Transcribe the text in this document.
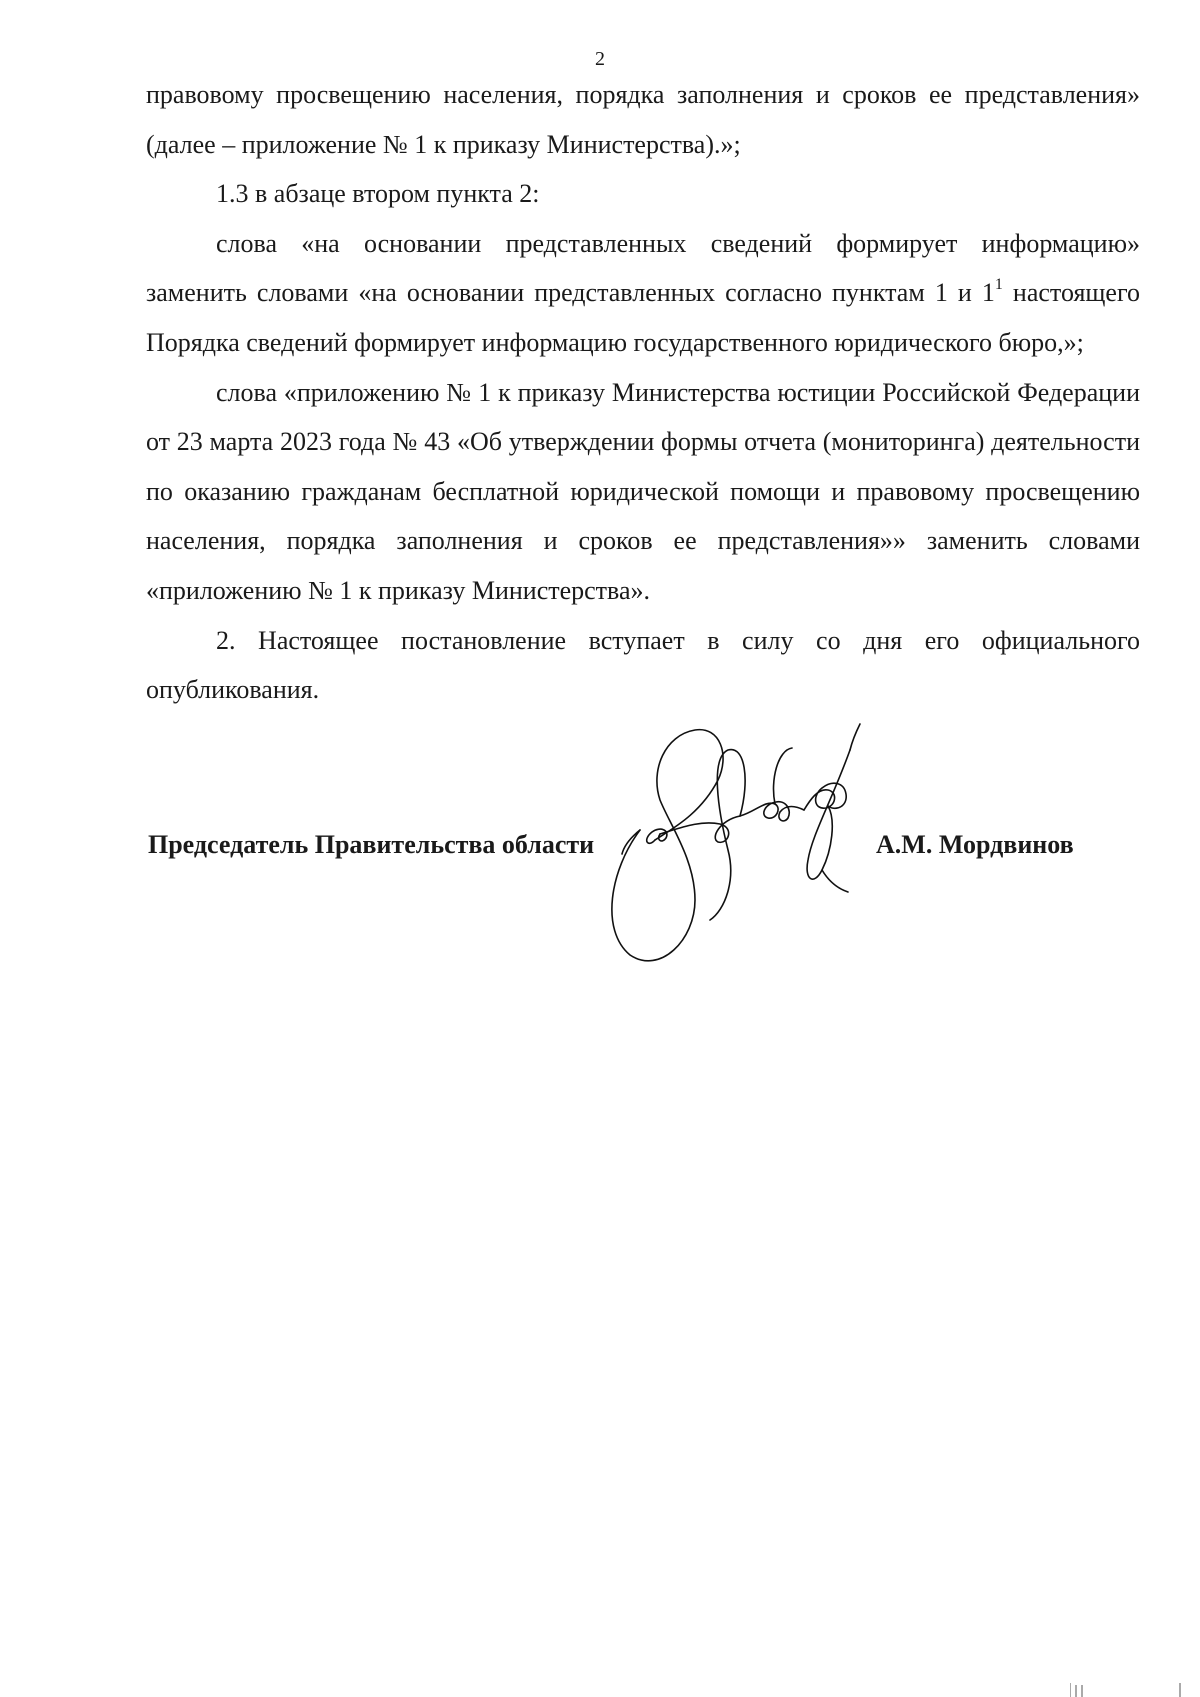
2

правовому просвещению населения, порядка заполнения и сроков ее представления» (далее – приложение № 1 к приказу Министерства).»;

1.3 в абзаце втором пункта 2:

слова «на основании представленных сведений формирует информацию» заменить словами «на основании представленных согласно пунктам 1 и $1^1$ настоящего Порядка сведений формирует информацию государственного юридического бюро,»;

слова «приложению № 1 к приказу Министерства юстиции Российской Федерации от 23 марта 2023 года № 43 «Об утверждении формы отчета (мониторинга) деятельности по оказанию гражданам бесплатной юридической помощи и правовому просвещению населения, порядка заполнения и сроков ее представления»» заменить словами «приложению № 1 к приказу Министерства».

2. Настоящее постановление вступает в силу со дня его официального опубликования.

Председатель Правительства области	А.М. Мордвинов
